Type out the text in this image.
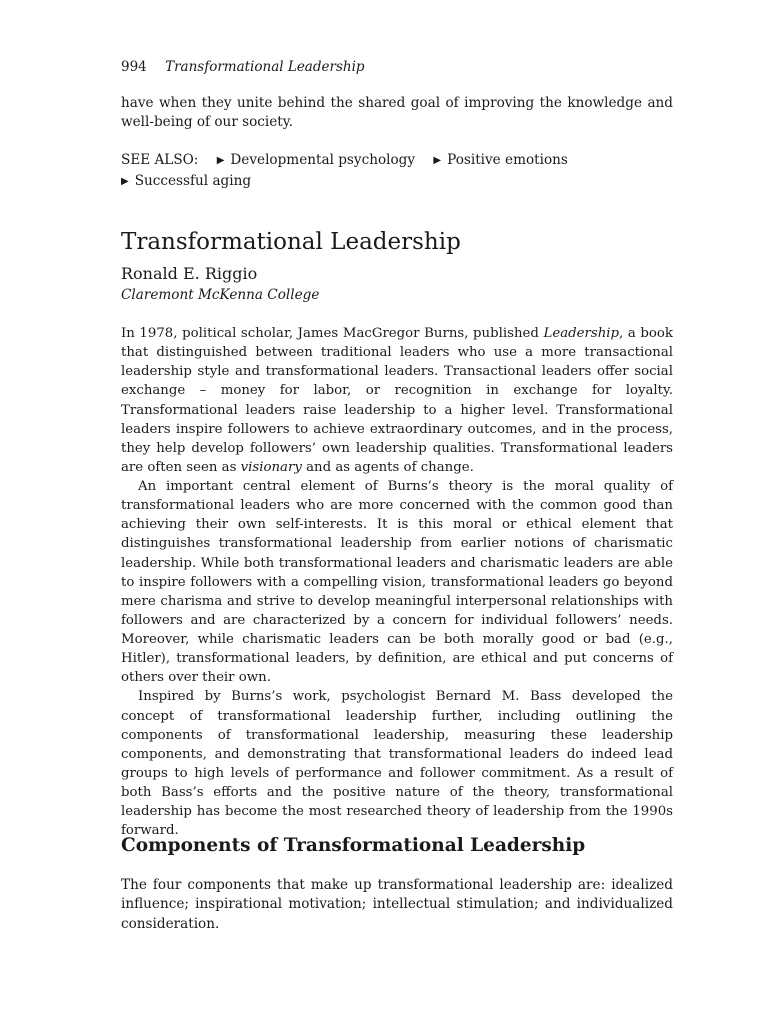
994 Transformational Leadership
have when they unite behind the shared goal of improving the knowledge and well-being of our society.
SEE ALSO: ▶ Developmental psychology ▶ Positive emotions
▶ Successful aging
Transformational Leadership
Ronald E. Riggio
Claremont McKenna College

In 1978, political scholar, James MacGregor Burns, published Leadership, a book that distinguished between traditional leaders who use a more transactional leadership style and transformational leaders. Transactional leaders offer social exchange – money for labor, or recognition in exchange for loyalty. Transformational leaders raise leadership to a higher level. Transformational leaders inspire followers to achieve extraordinary outcomes, and in the process, they help develop followers’ own leadership qualities. Transformational leaders are often seen as visionary and as agents of change.

An important central element of Burns’s theory is the moral quality of transformational leaders who are more concerned with the common good than achieving their own self-interests. It is this moral or ethical element that distinguishes transformational leadership from earlier notions of charismatic leadership. While both transformational leaders and charismatic leaders are able to inspire followers with a compelling vision, transformational leaders go beyond mere charisma and strive to develop meaningful interpersonal relationships with followers and are characterized by a concern for individual followers’ needs. Moreover, while charismatic leaders can be both morally good or bad (e.g., Hitler), transformational leaders, by definition, are ethical and put concerns of others over their own.

Inspired by Burns’s work, psychologist Bernard M. Bass developed the concept of transformational leadership further, including outlining the components of transformational leadership, measuring these leadership components, and demonstrating that transformational leaders do indeed lead groups to high levels of performance and follower commitment. As a result of both Bass’s efforts and the positive nature of the theory, transformational leadership has become the most researched theory of leadership from the 1990s forward.

Components of Transformational Leadership
The four components that make up transformational leadership are: idealized influence; inspirational motivation; intellectual stimulation; and individualized consideration.
